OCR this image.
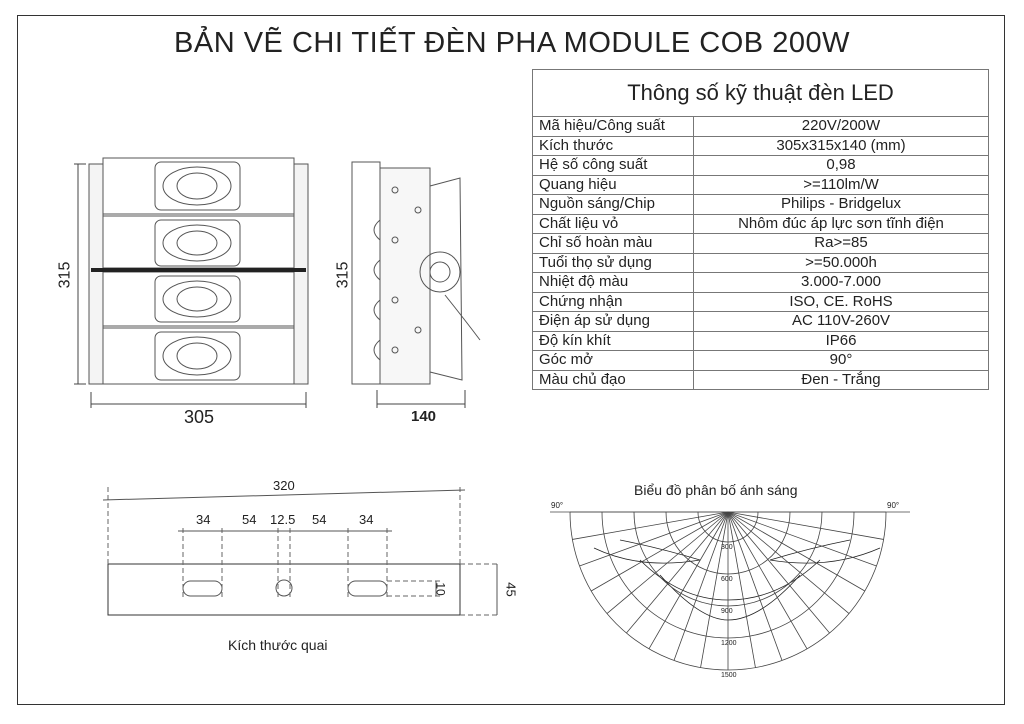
BẢN VẼ CHI TIẾT ĐÈN PHA MODULE COB 200W
Thông số kỹ thuật đèn LED	
Mã hiệu/Công suất	220V/200W
Kích thước	305x315x140 (mm)
Hệ số công suất	0,98
Quang hiệu	>=110lm/W
Nguồn sáng/Chip	Philips - Bridgelux
Chất liệu vỏ	Nhôm đúc áp lực sơn tĩnh điện
Chỉ số hoàn màu	Ra>=85
Tuổi thọ sử dụng	>=50.000h
Nhiệt độ màu	3.000-7.000
Chứng nhận	ISO, CE. RoHS
Điện áp sử dụng	AC 110V-260V
Độ kín khít	IP66
Góc mở	90°
Màu chủ đạo	Đen - Trắng
315
305
315
140
320
34 54 12.5 54	34
10	45
Kích thước quai
Biểu đồ phân bố ánh sáng
90°	90°
300
600
900
1200
1500
